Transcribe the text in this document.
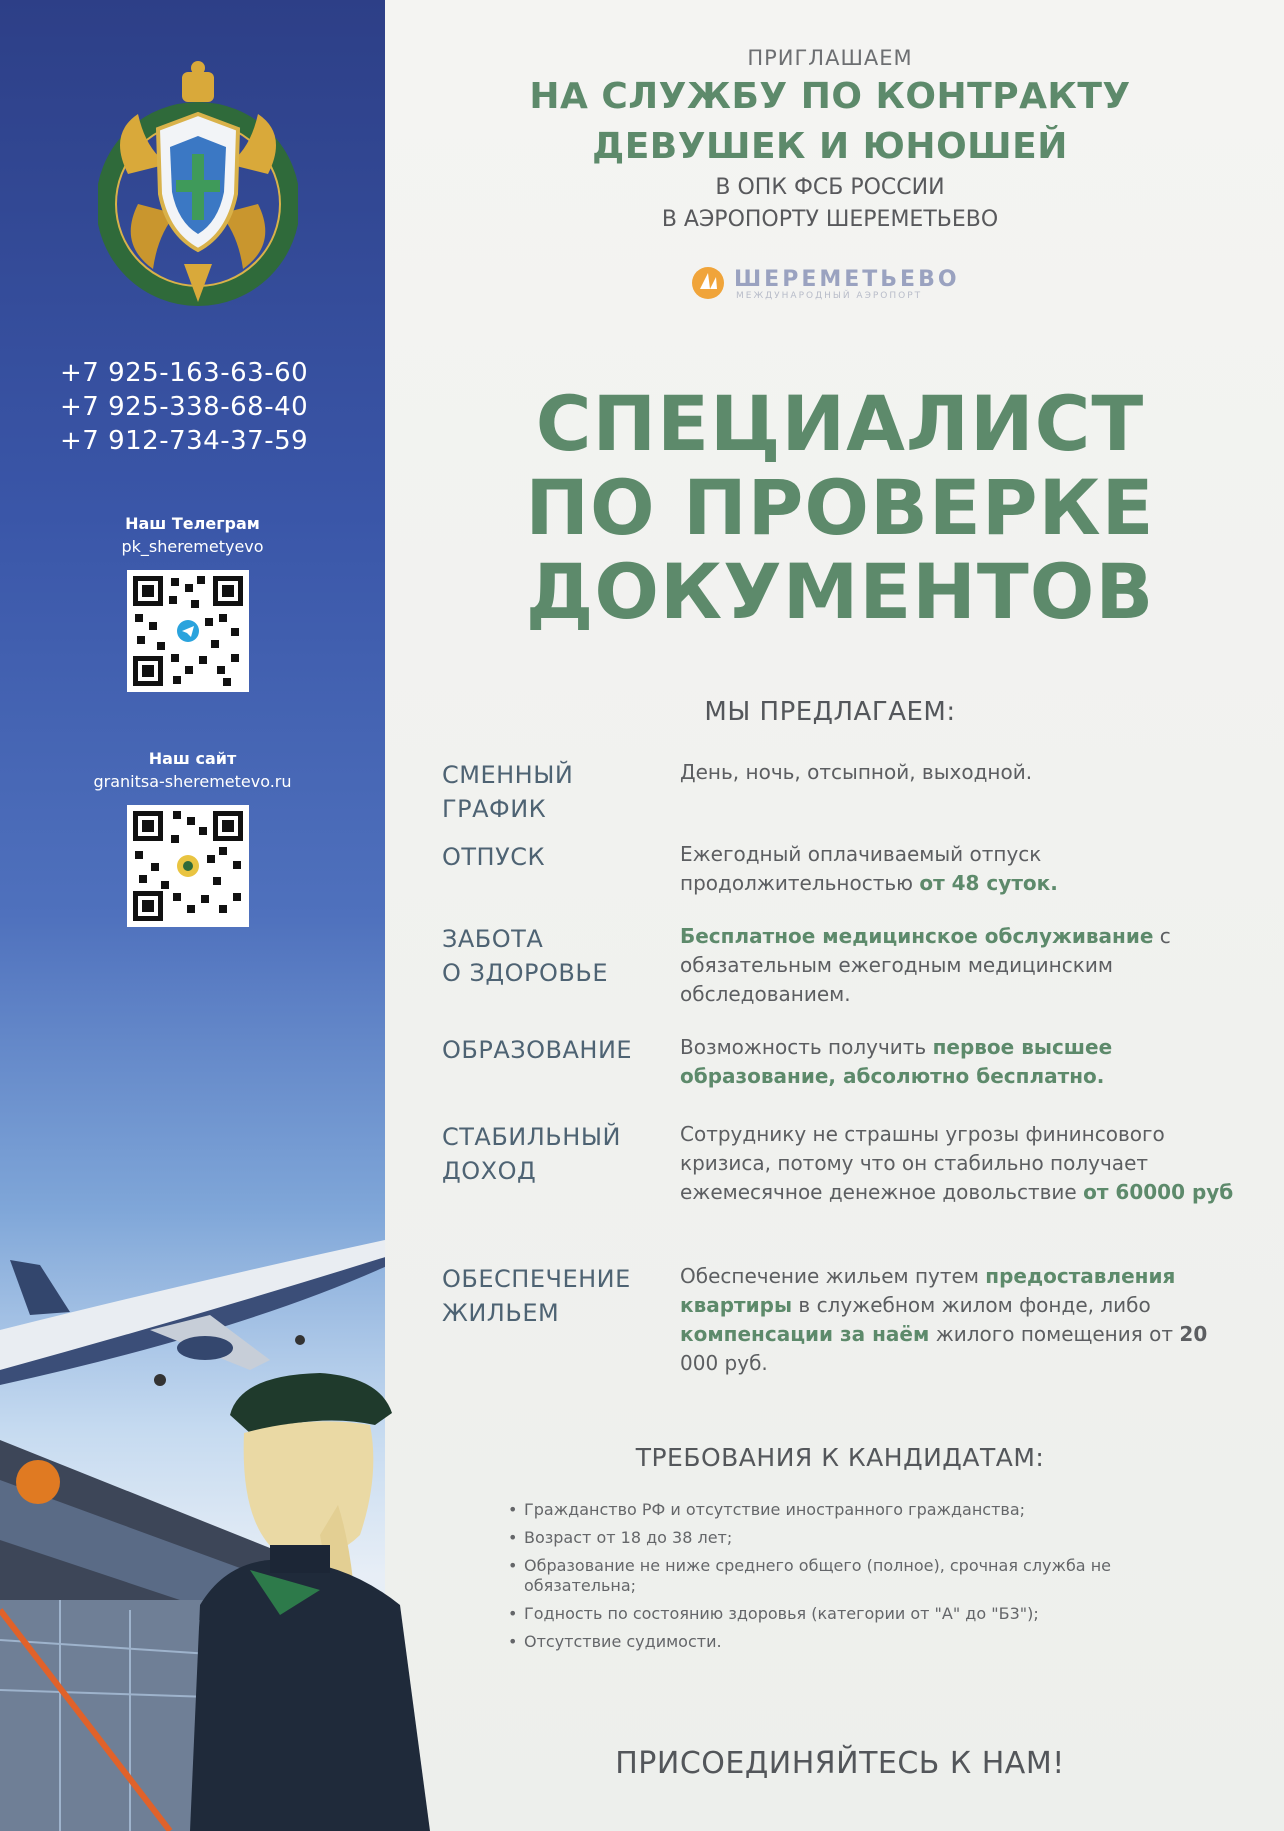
+7 925-163-63-60
+7 925-338-68-40
+7 912-734-37-59
Наш Телеграм
pk_sheremetyevo
Наш сайт
granitsa-sheremetevo.ru
ПРИГЛАШАЕМ
НА СЛУЖБУ ПО КОНТРАКТУ
ДЕВУШЕК И ЮНОШЕЙ
В ОПК ФСБ РОССИИ
В АЭРОПОРТУ ШЕРЕМЕТЬЕВО
ШЕРЕМЕТЬЕВО
МЕЖДУНАРОДНЫЙ АЭРОПОРТ
СПЕЦИАЛИСТ
ПО ПРОВЕРКЕ
ДОКУМЕНТОВ
МЫ ПРЕДЛАГАЕМ:
СМЕННЫЙ
ГРАФИК
День, ночь, отсыпной, выходной.
ОТПУСК	Ежегодный оплачиваемый отпуск продолжительностью от 48 суток.
ЗАБОТА
О ЗДОРОВЬЕ
Бесплатное медицинское обслуживание с обязательным ежегодным медицинским обследованием.
ОБРАЗОВАНИЕ	Возможность получить первое высшее образование, абсолютно бесплатно.
СТАБИЛЬНЫЙ
ДОХОД
Сотруднику не страшны угрозы фининсового кризиса, потому что он стабильно получает ежемесячное денежное довольствие от 60000 руб
ОБЕСПЕЧЕНИЕ
ЖИЛЬЕМ
Обеспечение жильем путем предоставления квартиры в служебном жилом фонде, либо компенсации за наём жилого помещения от 20 000 руб.
ТРЕБОВАНИЯ К КАНДИДАТАМ:
• Гражданство РФ и отсутствие иностранного гражданства;
• Возраст от 18 до 38 лет;
• Образование не ниже среднего общего (полное), срочная служба не обязательна;
• Годность по состоянию здоровья (категории от "А" до "Б3");
• Отсутствие судимости.
ПРИСОЕДИНЯЙТЕСЬ К НАМ!
